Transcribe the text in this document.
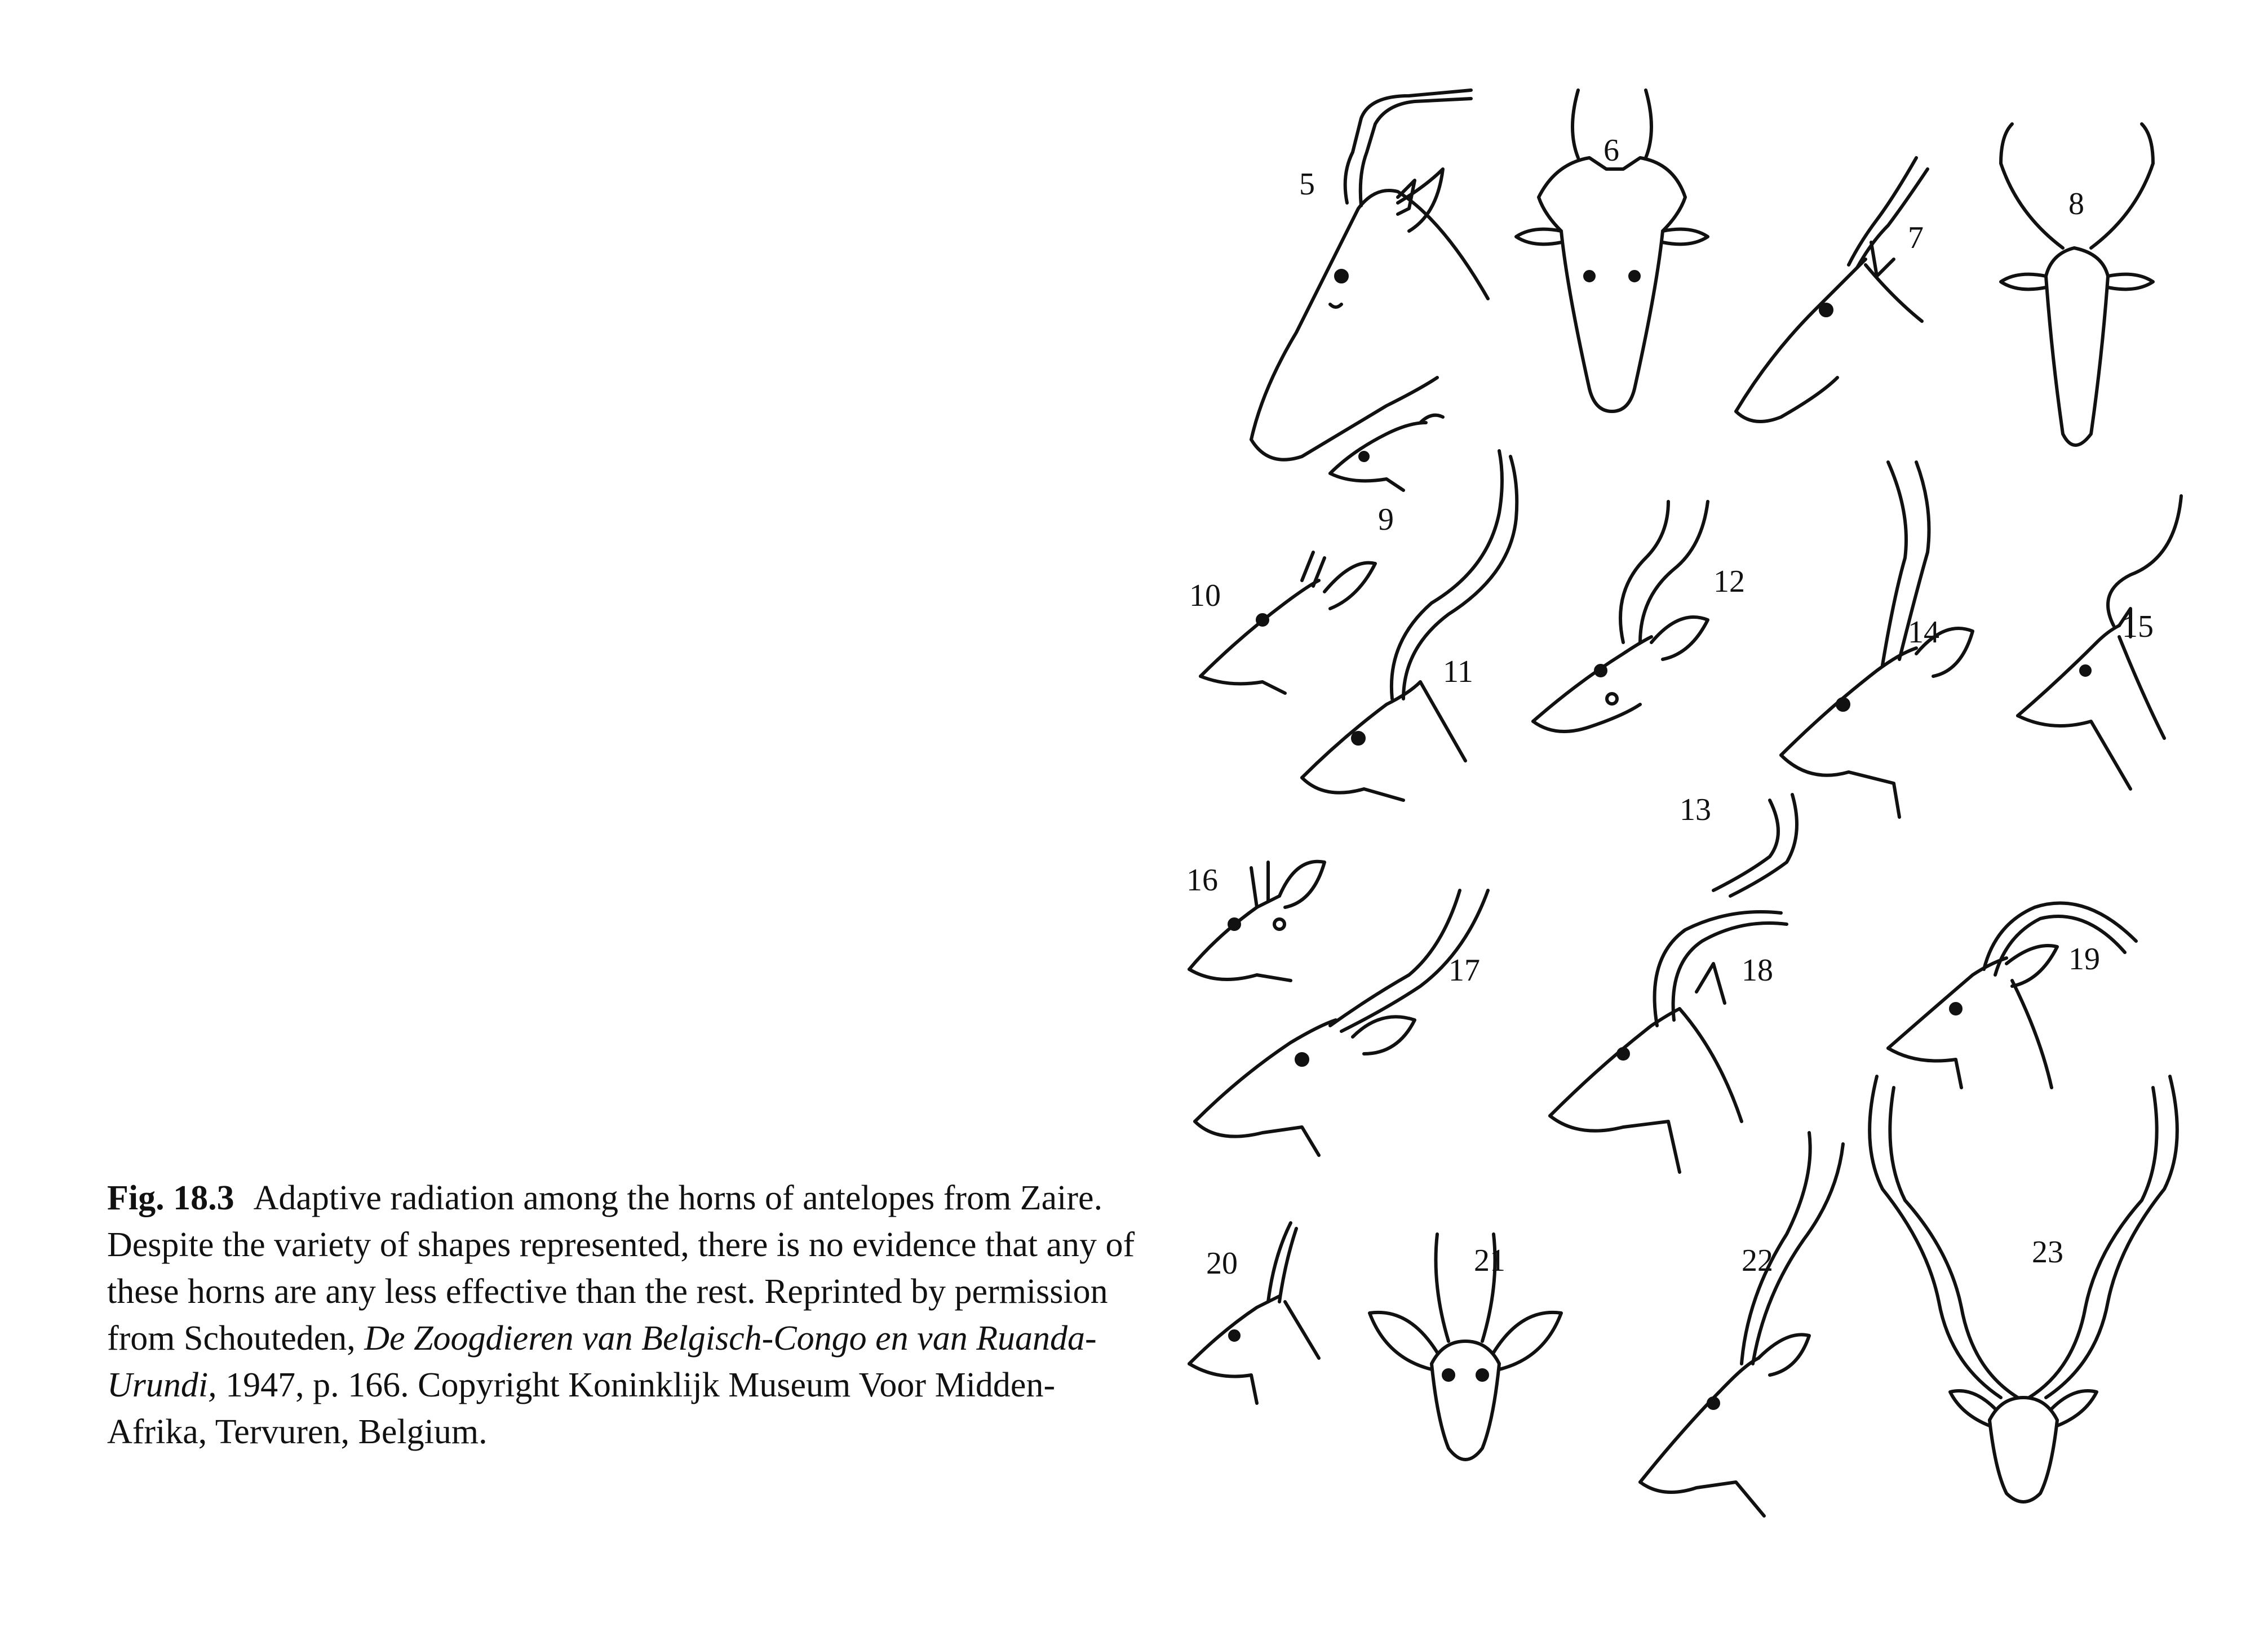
5
6
7
8
9
10
11
12
13
14	15
16
17	18	19
20	21	22	23
Fig. 18.3 Adaptive radiation among the horns of antelopes from Zaire. Despite the variety of shapes represented, there is no evidence that any of these horns are any less effective than the rest. Reprinted by permission from Schouteden, De Zoogdieren van Belgisch-Congo en van Ruanda-Urundi, 1947, p. 166. Copyright Koninklijk Museum Voor Midden-Afrika, Tervuren, Belgium.
